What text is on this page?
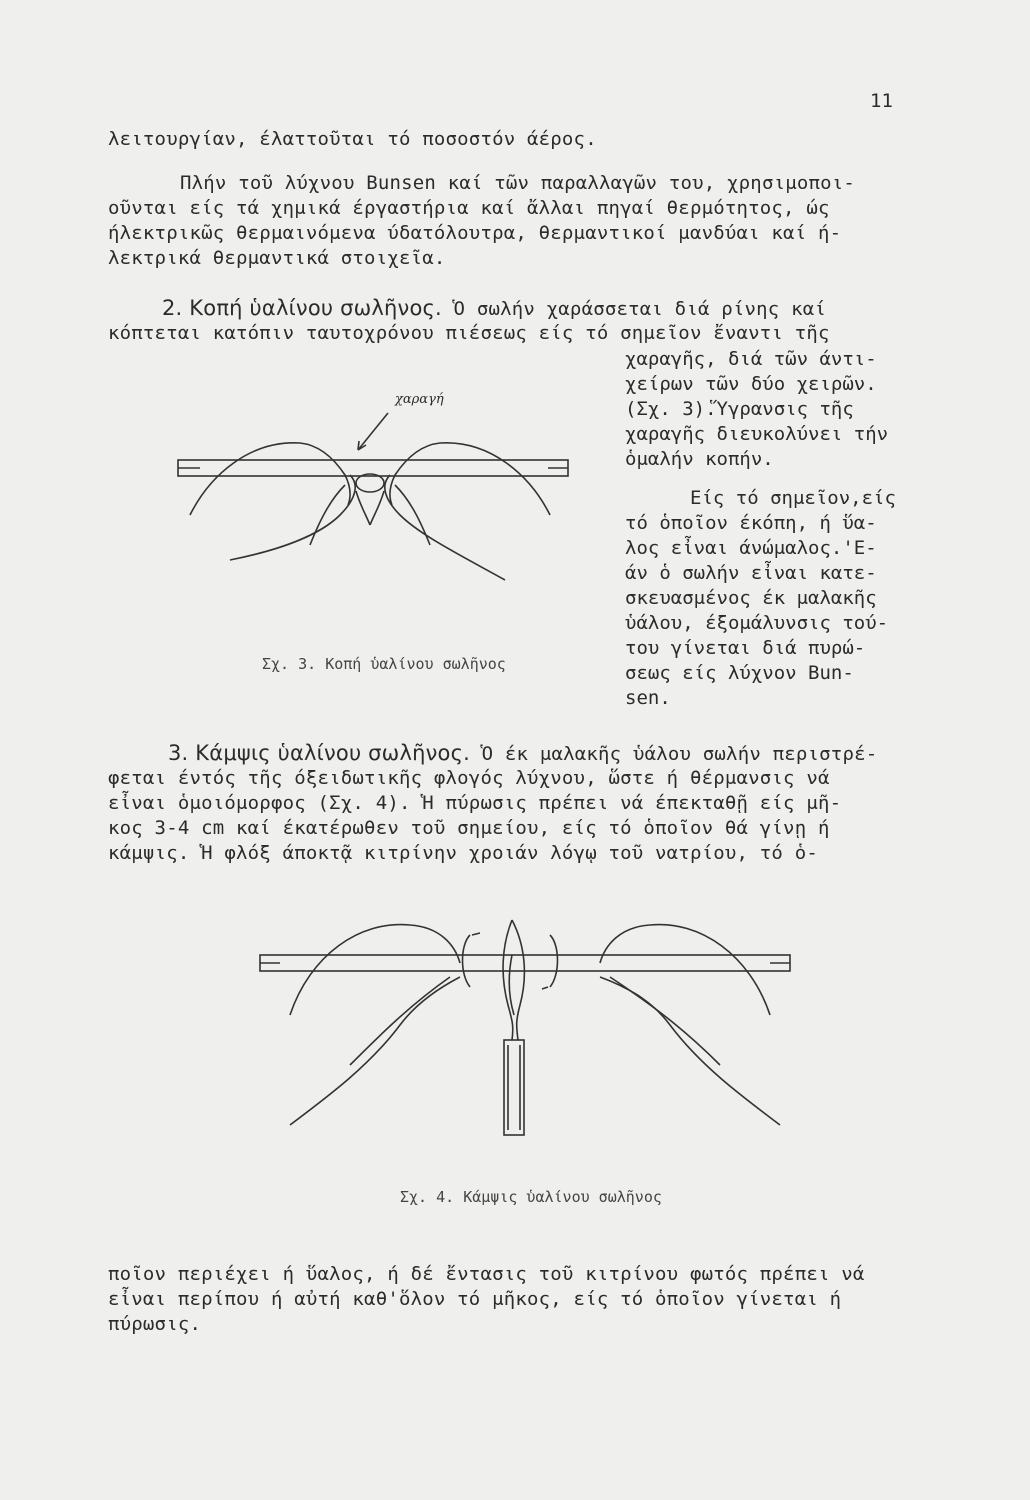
11
λειτουργίαν, έλαττοῦται τό ποσοστόν άέρος.
Πλήν τοῦ λύχνου Bunsen καί τῶν παραλλαγῶν του, χρησιμοποι-
οῦνται είς τά χημικά έργαστήρια καί ἄλλαι πηγαί θερμότητος, ώς
ήλεκτρικῶς θερμαινόμενα ύδατόλουτρα, θερμαντικοί μανδύαι καί ή-
λεκτρικά θερμαντικά στοιχεῖα.
2. Κοπή ὑαλίνου σωλῆνος. Ὁ σωλήν χαράσσεται διά ρίνης καί
κόπτεται κατόπιν ταυτοχρόνου πιέσεως είς τό σημεῖον ἔναντι τῆς
χαραγῆς, διά τῶν άντι-
χείρων τῶν δύο χειρῶν.
(Σχ. 3).Ὕγρανσις τῆς
χαραγῆς διευκολύνει τήν
ὁμαλήν κοπήν.
Είς τό σημεῖον,είς
τό ὁποῖον έκόπη, ή ὕα-
λος εἶναι άνώμαλος.'Ε-
άν ὁ σωλήν εἶναι κατε-
σκευασμένος έκ μαλακῆς
ὑάλου, έξομάλυνσις τού-
του γίνεται διά πυρώ-
σεως είς λύχνον Bun-
sen.
χαραγή
Σχ. 3. Κοπή ὑαλίνου σωλῆνος
3. Κάμψις ὑαλίνου σωλῆνος. Ὁ έκ μαλακῆς ὑάλου σωλήν περιστρέ-
φεται έντός τῆς όξειδωτικῆς φλογός λύχνου, ὥστε ή θέρμανσις νά
εἶναι ὁμοιόμορφος (Σχ. 4). Ἡ πύρωσις πρέπει νά έπεκταθῇ είς μῆ-
κος 3-4 cm καί έκατέρωθεν τοῦ σημείου, είς τό ὁποῖον θά γίνῃ ή
κάμψις. Ἡ φλόξ άποκτᾷ κιτρίνην χροιάν λόγῳ τοῦ νατρίου, τό ὁ-
Σχ. 4. Κάμψις ὑαλίνου σωλῆνος
ποῖον περιέχει ή ὕαλος, ή δέ ἔντασις τοῦ κιτρίνου φωτός πρέπει νά
εἶναι περίπου ή αὐτή καθ'ὅλον τό μῆκος, είς τό ὁποῖον γίνεται ή
πύρωσις.
